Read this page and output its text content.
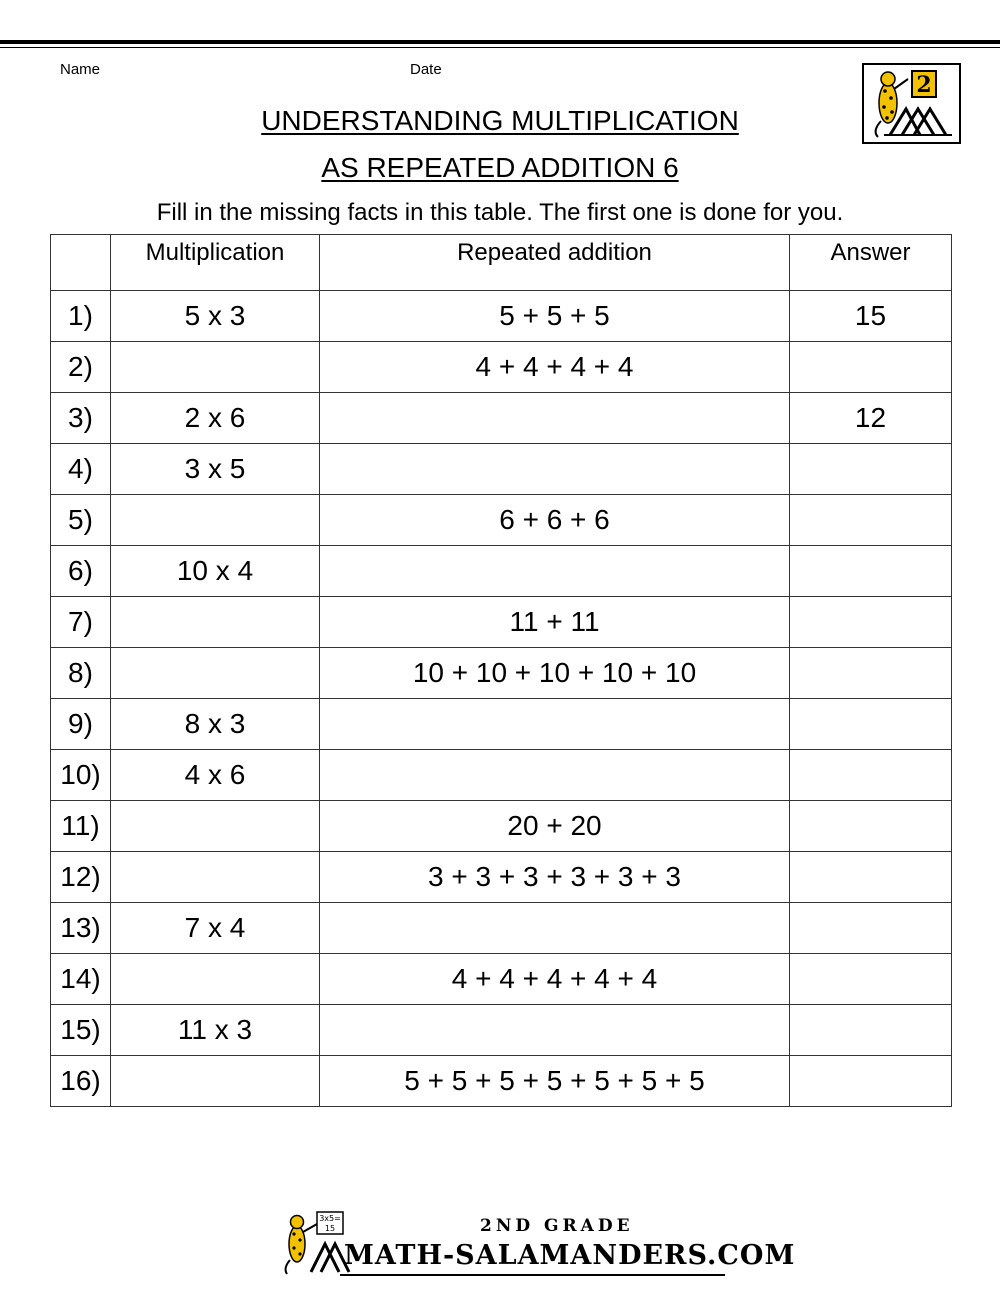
Name	Date
2
UNDERSTANDING MULTIPLICATION
AS REPEATED ADDITION 6
Fill in the missing facts in this table. The first one is done for you.
	Multiplication	Repeated addition	Answer
1)	5 x 3	5 + 5 + 5	15
2)		4 + 4 + 4 + 4	
3)	2 x 6		12
4)	3 x 5		
5)		6 + 6 + 6	
6)	10 x 4		
7)		11 + 11	
8)		10 + 10 + 10 + 10 + 10	
9)	8 x 3		
10)	4 x 6		
11)		20 + 20	
12)		3 + 3 + 3 + 3 + 3 + 3	
13)	7 x 4		
14)		4 + 4 + 4 + 4 + 4	
15)	11 x 3		
16)		5 + 5 + 5 + 5 + 5 + 5 + 5	
3x5=
15	2ND GRADE
MATH-SALAMANDERS.COM
